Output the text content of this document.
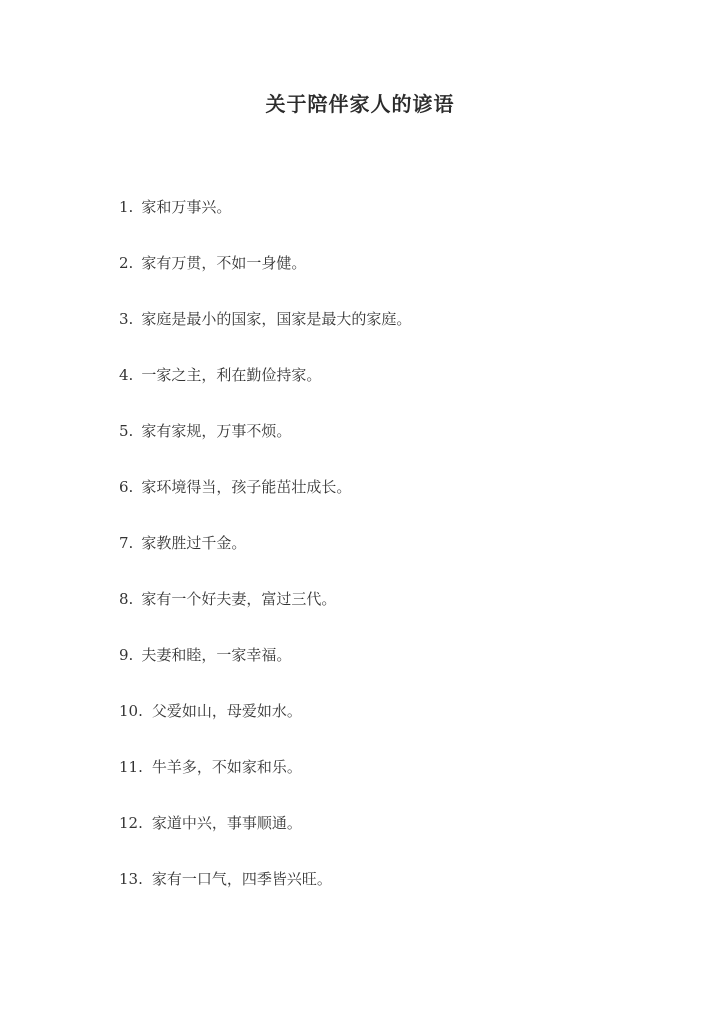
关于陪伴家人的谚语
1. 家和万事兴。
2. 家有万贯，不如一身健。
3. 家庭是最小的国家，国家是最大的家庭。
4. 一家之主，利在勤俭持家。
5. 家有家规，万事不烦。
6. 家环境得当，孩子能茁壮成长。
7. 家教胜过千金。
8. 家有一个好夫妻，富过三代。
9. 夫妻和睦，一家幸福。
10. 父爱如山，母爱如水。
11. 牛羊多，不如家和乐。
12. 家道中兴，事事顺通。
13. 家有一口气，四季皆兴旺。
